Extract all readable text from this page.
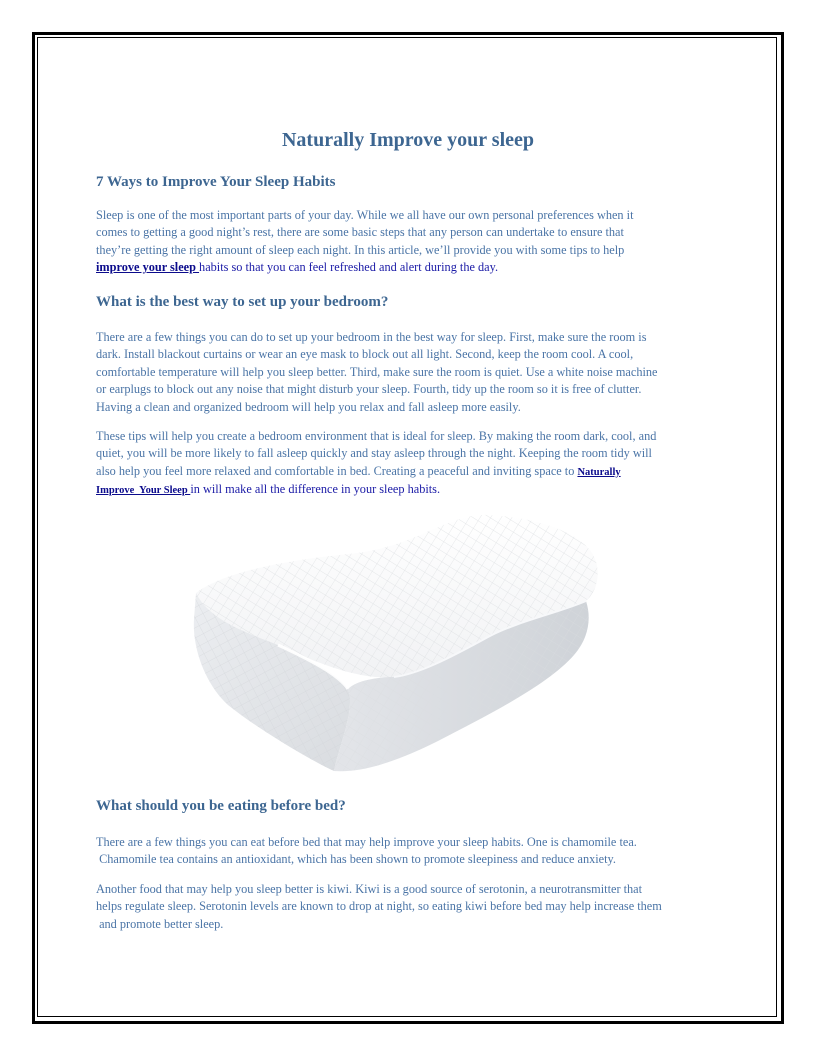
Naturally Improve your sleep
7 Ways to Improve Your Sleep Habits

Sleep is one of the most important parts of your day. While we all have our own personal preferences when it
comes to getting a good night’s rest, there are some basic steps that any person can undertake to ensure that
they’re getting the right amount of sleep each night. In this article, we’ll provide you with some tips to help
improve your sleep habits so that you can feel refreshed and alert during the day.

What is the best way to set up your bedroom?

There are a few things you can do to set up your bedroom in the best way for sleep. First, make sure the room is
dark. Install blackout curtains or wear an eye mask to block out all light. Second, keep the room cool. A cool,
comfortable temperature will help you sleep better. Third, make sure the room is quiet. Use a white noise machine
or earplugs to block out any noise that might disturb your sleep. Fourth, tidy up the room so it is free of clutter.
Having a clean and organized bedroom will help you relax and fall asleep more easily.

These tips will help you create a bedroom environment that is ideal for sleep. By making the room dark, cool, and
quiet, you will be more likely to fall asleep quickly and stay asleep through the night. Keeping the room tidy will
also help you feel more relaxed and comfortable in bed. Creating a peaceful and inviting space to Naturally
Improve  Your Sleep in will make all the difference in your sleep habits.

What should you be eating before bed?

There are a few things you can eat before bed that may help improve your sleep habits. One is chamomile tea.
Chamomile tea contains an antioxidant, which has been shown to promote sleepiness and reduce anxiety.

Another food that may help you sleep better is kiwi. Kiwi is a good source of serotonin, a neurotransmitter that
helps regulate sleep. Serotonin levels are known to drop at night, so eating kiwi before bed may help increase them
and promote better sleep.
